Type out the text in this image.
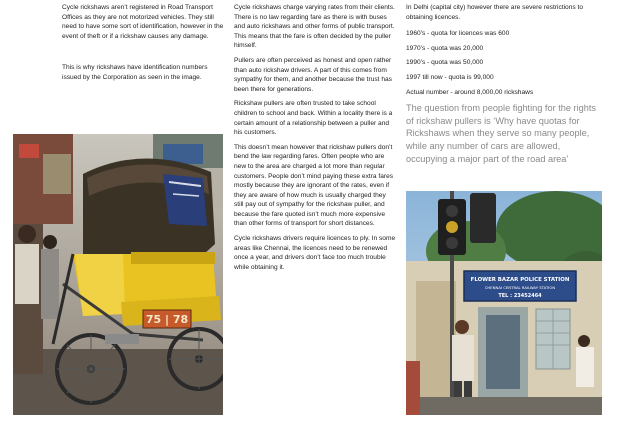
Cycle rickshaws aren’t registered in Road Transport Offices as they are not motorized vehicles. They still need to have some sort of identification, however in the event of theft or if a rickshaw causes any damage.

This is why rickshaws have identification numbers issued by the Corporation as seen in the image.

Cycle rickshaws charge varying rates from their clients. There is no law regarding fare as there is with buses and auto rickshaws and other forms of public transport. This means that the fare is often decided by the puller himself.

Pullers are often perceived as honest and open rather than auto rickshaw drivers. A part of this comes from sympathy for them, and another because the trust has been there for generations.

Rickshaw pullers are often trusted to take school children to school and back. Within a locality there is a certain amount of a relationship between a puller and his customers.

This doesn’t mean however that rickshaw pullers don’t bend the law regarding fares. Often people who are new to the area are charged a lot more than regular customers. People don’t mind paying these extra fares mostly because they are ignorant of the rates, even if they are aware of how much is usually charged they still pay out of sympathy for the rickshaw puller, and because the fare quoted isn’t much more expensive than other forms of transport for short distances.

Cycle rickshaws drivers require licences to ply. In some areas like Chennai, the licences need to be renewed once a year, and drivers don’t face too much trouble while obtaining it.

In Delhi (capital city) however there are severe restrictions to obtaining licences.

1960’s - quota for licences was 600

1970’s - quota was 20,000

1990’s - quota was 50,000

1997 till now - quota is 99,000

Actual number - around 8,000,00 rickshaws

The question from people fighting for the rights of rickshaw pullers is ‘Why have quotas for Rickshaws when they serve so many people, while any number of cars are allowed, occupying a major part of the road area’

75 | 78
FLOWER BAZAR POLICE STATION
CHENNAI CENTRAL RAILWAY STATION
TEL : 23452464
